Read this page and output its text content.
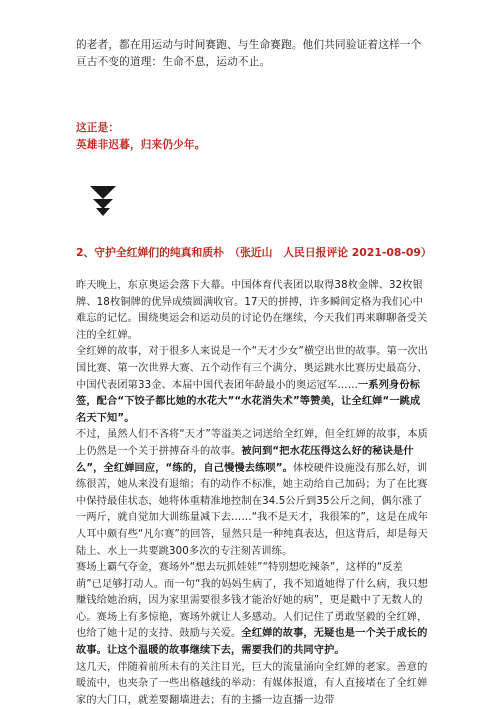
的老者，都在用运动与时间赛跑、与生命赛跑。他们共同验证着这样一个亘古不变的道理：生命不息，运动不止。
这正是：
英雄非迟暮，归来仍少年。
2、守护全红婵们的纯真和质朴　（张近山　人民日报评论 2021-08-09）
昨天晚上，东京奥运会落下大幕。中国体育代表团以取得38枚金牌、32枚银牌、18枚铜牌的优异成绩圆满收官。17天的拼搏，许多瞬间定格为我们心中难忘的记忆。围绕奥运会和运动员的讨论仍在继续，今天我们再来聊聊备受关注的全红婵。
全红婵的故事，对于很多人来说是一个“天才少女”横空出世的故事。第一次出国比赛、第一次世界大赛、五个动作有三个满分、奥运跳水比赛历史最高分、中国代表团第33金、本届中国代表团年龄最小的奥运冠军……一系列身份标签，配合“下饺子都比她的水花大”“水花消失术”等赞美，让全红婵“一跳成名天下知”。
不过，虽然人们不吝将“天才”等溢美之词送给全红婵，但全红婵的故事，本质上仍然是一个关于拼搏奋斗的故事。被问到“把水花压得这么好的秘诀是什么”，全红婵回应，“练的，自己慢慢去练呗”。体校硬件设施没有那么好，训练很苦，她从来没有退缩；有的动作不标准，她主动给自己加码；为了在比赛中保持最佳状态，她将体重精准地控制在34.5公斤到35公斤之间，偶尔涨了一两斤，就自觉加大训练量减下去……“我不是天才，我很笨的”，这是在成年人耳中颇有些“凡尔赛”的回答，显然只是一种纯真表达，但这背后，却是每天陆上、水上一共要跳300多次的专注刻苦训练。
赛场上霸气夺金，赛场外“想去玩抓娃娃”“特别想吃辣条”，这样的“反差萌”已足够打动人。而一句“我的妈妈生病了，我不知道她得了什么病，我只想赚钱给她治病，因为家里需要很多钱才能治好她的病”，更是戳中了无数人的心。赛场上有多惊艳，赛场外就让人多感动。人们记住了勇敢坚毅的全红婵，也给了她十足的支持、鼓励与关爱。全红婵的故事，无疑也是一个关于成长的故事。让这个温暖的故事继续下去，需要我们的共同守护。
这几天，伴随着前所未有的关注目光，巨大的流量涌向全红婵的老家。善意的暖流中，也夹杂了一些出格越线的举动：有媒体报道，有人直接堵在了全红婵家的大门口，就差要翻墙进去；有的主播一边直播一边带
